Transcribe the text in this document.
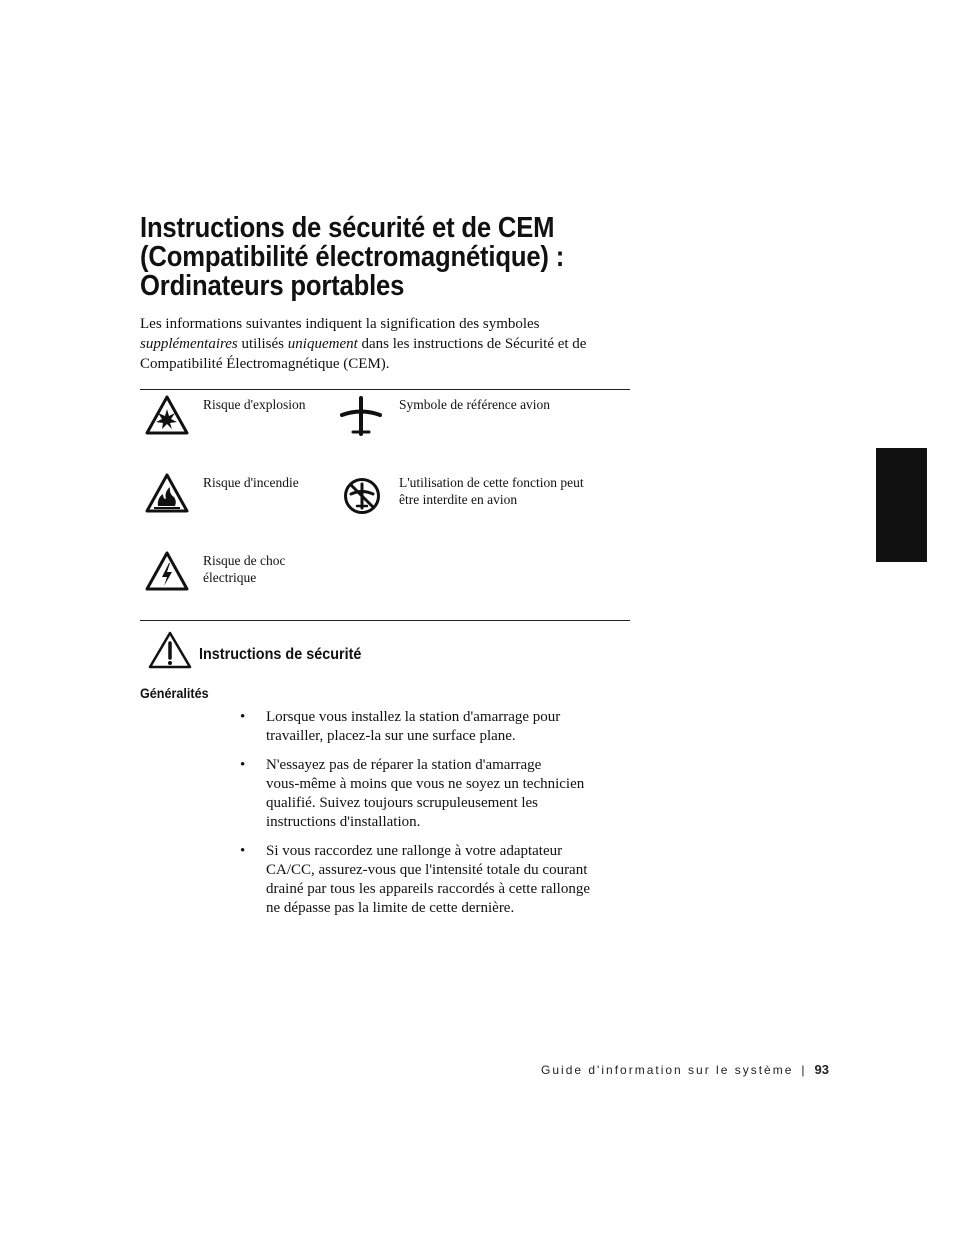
Instructions de sécurité et de CEM
(Compatibilité électromagnétique) :
Ordinateurs portables

Les informations suivantes indiquent la signification des symboles supplémentaires utilisés uniquement dans les instructions de Sécurité et de Compatibilité Électromagnétique (CEM).

Risque d'explosion	Symbole de référence avion
Risque d'incendie	L'utilisation de cette fonction peut
être interdite en avion
Risque de choc
électrique
Instructions de sécurité
Généralités
• Lorsque vous installez la station d'amarrage pour
travailler, placez-la sur une surface plane.
• N'essayez pas de réparer la station d'amarrage
vous-même à moins que vous ne soyez un technicien
qualifié. Suivez toujours scrupuleusement les
instructions d'installation.
• Si vous raccordez une rallonge à votre adaptateur
CA/CC, assurez-vous que l'intensité totale du courant
drainé par tous les appareils raccordés à cette rallonge
ne dépasse pas la limite de cette dernière.
Guide d'information sur le système | 93
